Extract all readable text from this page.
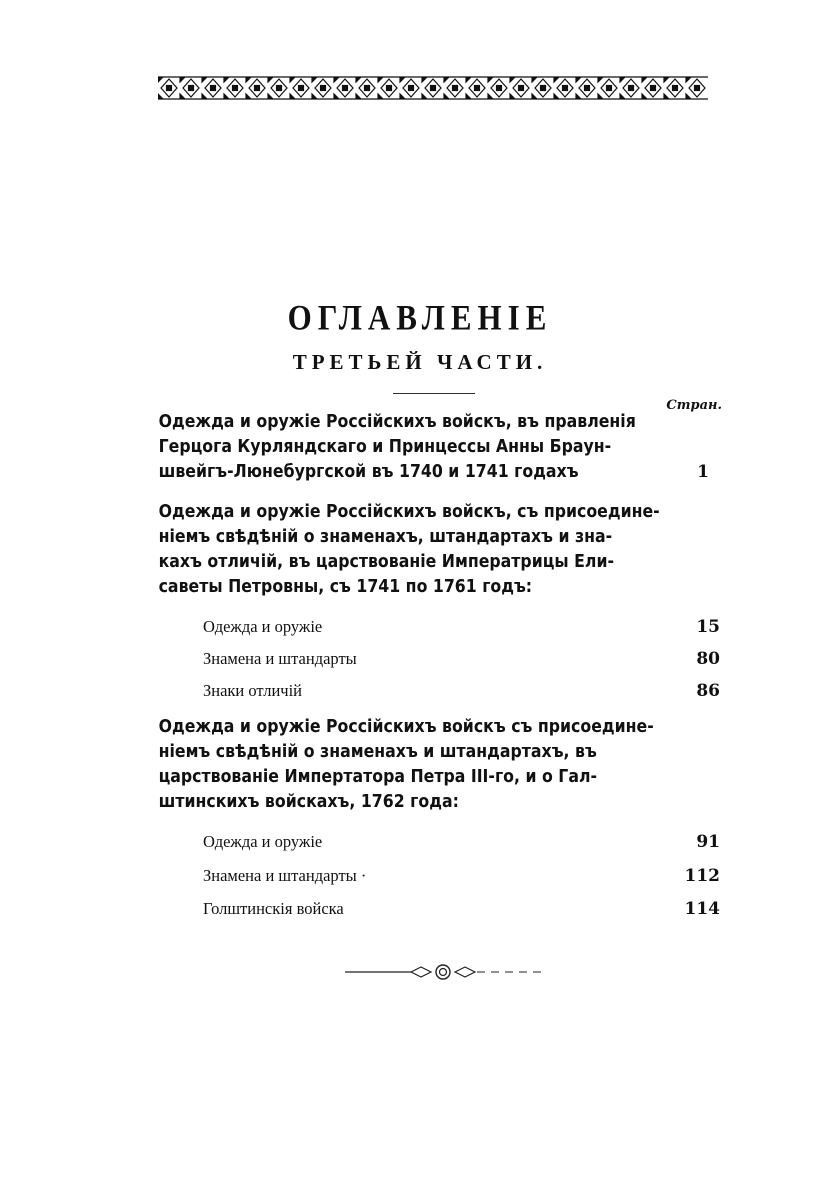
ОГЛАВЛЕНІЕ
ТРЕТЬЕЙ ЧАСТИ.
Стран.

Одежда и оружіе Россійскихъ войскъ, въ правленія
Герцога Курляндскаго и Принцессы Анны Браун-
швейгъ-Люнебургской въ 1740 и 1741 годахъ	1

Одежда и оружіе Россійскихъ войскъ, съ присоедине-
ніемъ свѣдѣній о знаменахъ, штандартахъ и зна-
кахъ отличій, въ царствованіе Императрицы Ели-
саветы Петровны, съ 1741 по 1761 годъ:

Одежда и оружіе	15
Знамена и штандарты	80
Знаки отличій	86

Одежда и оружіе Россійскихъ войскъ съ присоедине-
ніемъ свѣдѣній о знаменахъ и штандартахъ, въ
царствованіе Импертатора Петра III-го, и о Гал-
штинскихъ войскахъ, 1762 года:

Одежда и оружіе	91
Знамена и штандарты ·	112
Голштинскія войска	114
